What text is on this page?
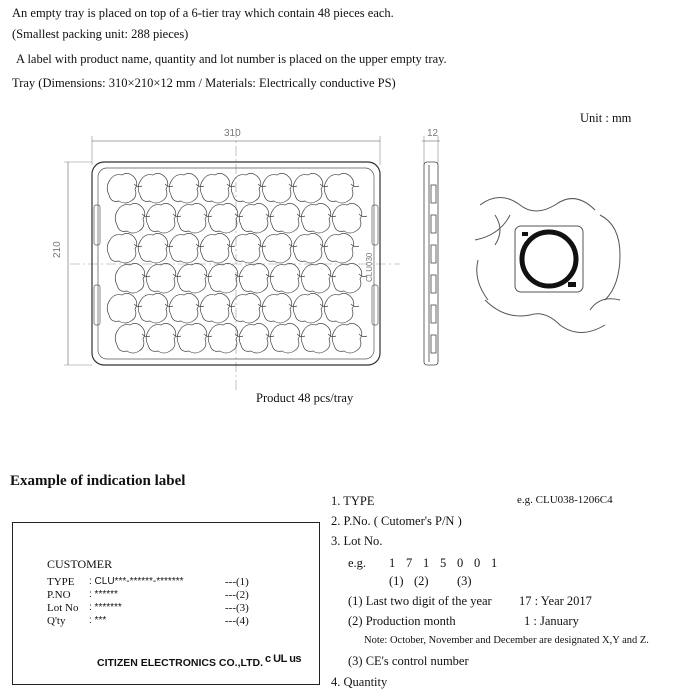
An empty tray is placed on top of a 6-tier tray which contain 48 pieces each.
(Smallest packing unit: 288 pieces)
A label with product name, quantity and lot number is placed on the upper empty tray.
Tray (Dimensions: 310×210×12 mm / Materials: Electrically conductive PS)
Unit : mm
310	12
210
CLU030
Product 48 pcs/tray
Example of indication label
CUSTOMER
TYPE : CLU***-******-*******	---(1)
P.NO : ******	---(2)
Lot No : *******	---(3)
Q'ty : ***	---(4)
CITIZEN ELECTRONICS CO.,LTD. c UL us
1. TYPE	e.g. CLU038-1206C4
2. P.No. ( Cutomer's P/N )
3. Lot No.
e.g. 1 7 1 5 0 0 1
(1) (2) (3)
(1) Last two digit of the year 17 : Year 2017
(2) Production month	1 : January
Note: October, November and December are designated X,Y and Z.
(3) CE's control number
4. Quantity
